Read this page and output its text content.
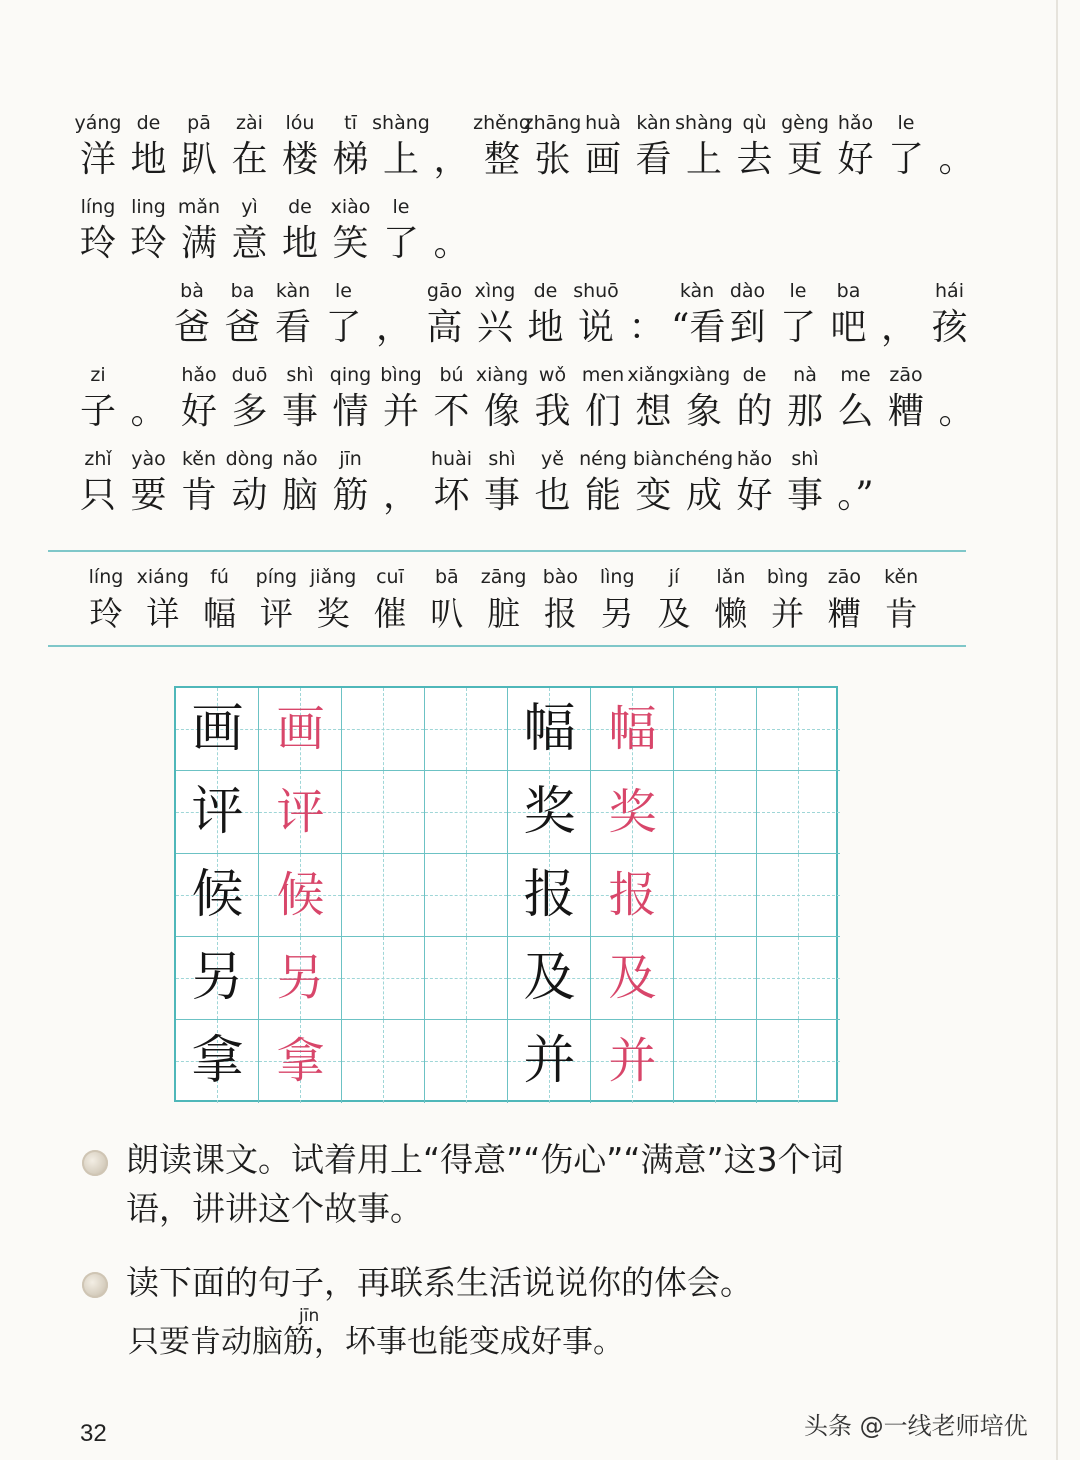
洋
yáng
地
de
趴
pā
在
zài
楼
lóu
梯
tī
上
shàng
， 整
zhěng
张
zhāng
画
huà
看
kàn
上
shàng
去
qù
更
gèng
好
hǎo
了
le
。
玲
líng
玲
ling
满
mǎn
意
yì
地
de
笑
xiào
了
le
。
爸
bà
爸
ba
看
kàn
了
le
， 高
gāo
兴
xìng
地
de
说
shuō
： “看
kàn
到
dào
了
le
吧
ba
， 孩
hái
子
zi
。 好
hǎo
多
duō
事
shì
情
qing
并
bìng
不
bú
像
xiàng
我
wǒ
们
men
想
xiǎng
象
xiàng
的
de
那
nà
么
me
糟
zāo
。
只
zhǐ
要
yào
肯
kěn
动
dòng
脑
nǎo
筋
jīn
， 坏
huài
事
shì
也
yě
能
néng
变
biàn
成
chéng
好
hǎo
事
shì
。”
玲
líng
详
xiáng
幅
fú
评
píng
奖
jiǎng
催
cuī
叭
bā
脏
zāng
报
bào
另
lìng
及
jí
懒
lǎn
并
bìng
糟
zāo
肯
kěn
画 画
评 评
候 候
另 另
拿 拿
幅 幅
奖 奖
报 报
及 及
并 并
朗读课文。试着用上“得意”“伤心”“满意”这3个词
语，讲讲这个故事。
读下面的句子，再联系生活说说你的体会。
jīn
只要肯动脑筋，坏事也能变成好事。
32	头条 @一线老师培优
